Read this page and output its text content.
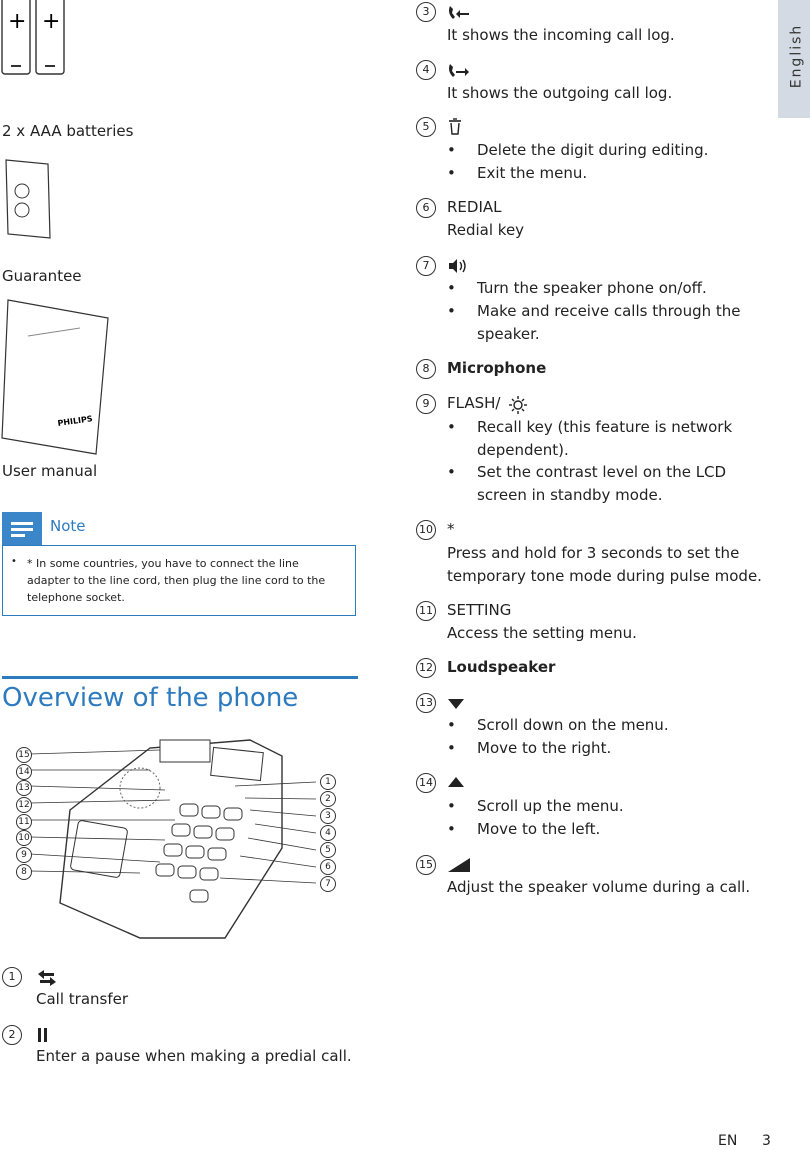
English
+ +
2 x AAA batteries
Guarantee
PHILIPS
User manual
Note
• * In some countries, you have to connect the line adapter to the line cord, then plug the line cord to the telephone socket.
Overview of the phone
15
14
13
12
11
10
9
8
1
2
3
4
5
6
7
1
Call transfer
2
Enter a pause when making a predial call.
3
It shows the incoming call log.
4
It shows the outgoing call log.
5
• Delete the digit during editing.
• Exit the menu.
6	REDIAL
Redial key
7
• Turn the speaker phone on/off.
• Make and receive calls through the speaker.
8	Microphone
9	FLASH/
• Recall key (this feature is network dependent).
• Set the contrast level on the LCD screen in standby mode.
10 *
Press and hold for 3 seconds to set the temporary tone mode during pulse mode.
11 SETTING
Access the setting menu.
12 Loudspeaker
13
• Scroll down on the menu.
• Move to the right.
14
• Scroll up the menu.
• Move to the left.
15
Adjust the speaker volume during a call.
EN 3
